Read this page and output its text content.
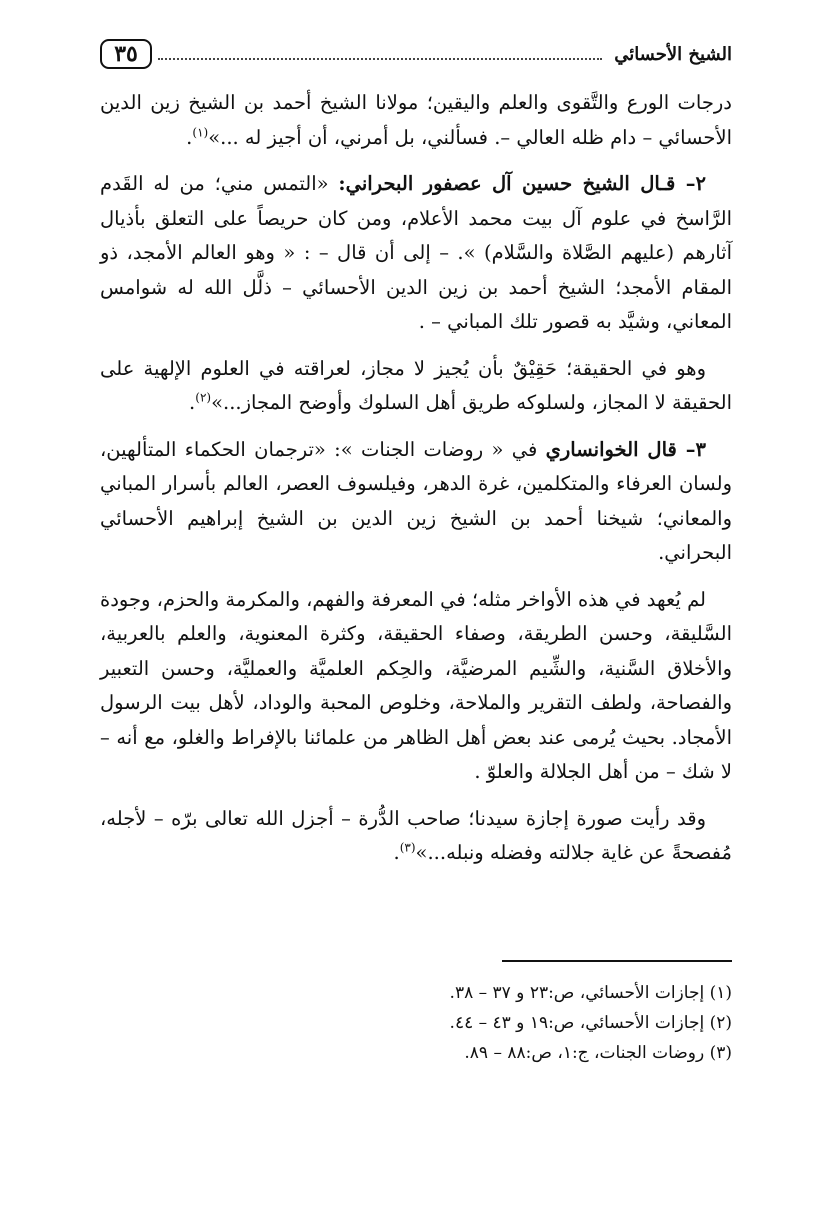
الشيخ الأحسائي
٣٥

درجات الورع والتَّقوى والعلم واليقين؛ مولانا الشيخ أحمد بن الشيخ زين الدين الأحسائي – دام ظله العالي –. فسألني، بل أمرني، أن أجيز له ...»$^{(١)}$.

٢– قـال الشيخ حسين آل عصفور البحراني: «التمس مني؛ من له القَدم الرَّاسخ في علوم آل بيت محمد الأعلام، ومن كان حريصاً على التعلق بأذيال آثارهم (عليهم الصَّلاة والسَّلام) ». – إلى أن قال – : « وهو العالم الأمجد، ذو المقام الأمجد؛ الشيخ أحمد بن زين الدين الأحسائي – ذلَّل الله له شوامس المعاني، وشيَّد به قصور تلك المباني – .

وهو في الحقيقة؛ حَقِيْقٌ بأن يُجيز لا مجاز، لعراقته في العلوم الإلهية على الحقيقة لا المجاز، ولسلوكه طريق أهل السلوك وأوضح المجاز...»$^{(٢)}$.

٣– قال الخوانساري في « روضات الجنات »: «ترجمان الحكماء المتألهين، ولسان العرفاء والمتكلمين، غرة الدهر، وفيلسوف العصر، العالم بأسرار المباني والمعاني؛ شيخنا أحمد بن الشيخ زين الدين بن الشيخ إبراهيم الأحسائي البحراني.

لم يُعهد في هذه الأواخر مثله؛ في المعرفة والفهم، والمكرمة والحزم، وجودة السَّليقة، وحسن الطريقة، وصفاء الحقيقة، وكثرة المعنوية، والعلم بالعربية، والأخلاق السَّنية، والشِّيم المرضيَّة، والحِكم العلميَّة والعمليَّة، وحسن التعبير والفصاحة، ولطف التقرير والملاحة، وخلوص المحبة والوداد، لأهل بيت الرسول الأمجاد. بحيث يُرمى عند بعض أهل الظاهر من علمائنا بالإفراط والغلو، مع أنه – لا شك – من أهل الجلالة والعلوّ .

وقد رأيت صورة إجازة سيدنا؛ صاحب الدُّرة – أجزل الله تعالى برّه – لأجله، مُفصحةً عن غاية جلالته وفضله ونبله...»$^{(٣)}$.

(١) إجازات الأحسائي، ص:٢٣ و ٣٧ – ٣٨.

(٢) إجازات الأحسائي، ص:١٩ و ٤٣ – ٤٤.

(٣) روضات الجنات، ج:١، ص:٨٨ – ٨٩.
